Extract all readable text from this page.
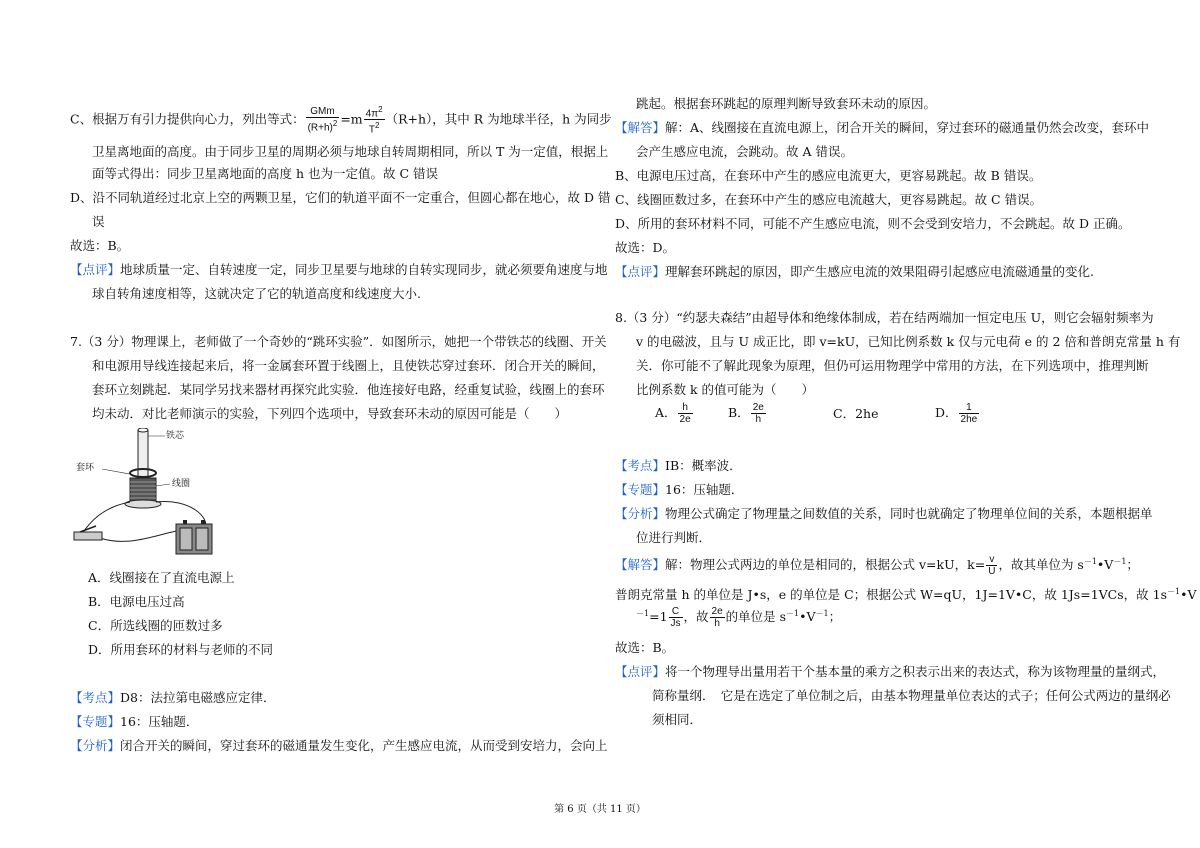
C、根据万有引力提供向心力，列出等式： $\frac{\text{GMm}}{(R+h)^2} =m \frac{4\pi^2}{T^2} (R+h)$，其中 R 为地球半径，h 为同步
卫星离地面的高度。由于同步卫星的周期必须与地球自转周期相同，所以 T 为一定值，根据上
面等式得出：同步卫星离地面的高度 h 也为一定值。故 C 错误
D、沿不同轨道经过北京上空的两颗卫星，它们的轨道平面不一定重合，但圆心都在地心，故 D 错
误
故选：B。
【点评】地球质量一定、自转速度一定，同步卫星要与地球的自转实现同步，就必须要角速度与地
球自转角速度相等，这就决定了它的轨道高度和线速度大小.
7.（3 分）物理课上，老师做了一个奇妙的“跳环实验”．如图所示，她把一个带铁芯的线圈、开关
和电源用导线连接起来后，将一金属套环置于线圈上，且使铁芯穿过套环．闭合开关的瞬间，
套环立刻跳起．某同学另找来器材再探究此实验．他连接好电路，经重复试验，线圈上的套环
均未动．对比老师演示的实验，下列四个选项中，导致套环未动的原因可能是（　　）
铁芯
套环
线圈
A．线圈接在了直流电源上
B．电源电压过高
C．所选线圈的匝数过多
D．所用套环的材料与老师的不同
【考点】D8：法拉第电磁感应定律．
【专题】16：压轴题．
【分析】闭合开关的瞬间，穿过套环的磁通量发生变化，产生感应电流，从而受到安培力，会向上
跳起。根据套环跳起的原理判断导致套环未动的原因。
【解答】解：A、线圈接在直流电源上，闭合开关的瞬间，穿过套环的磁通量仍然会改变，套环中
会产生感应电流，会跳动。故 A 错误。
B、电源电压过高，在套环中产生的感应电流更大，更容易跳起。故 B 错误。
C、线圈匝数过多，在套环中产生的感应电流越大，更容易跳起。故 C 错误。
D、所用的套环材料不同，可能不产生感应电流，则不会受到安培力，不会跳起。故 D 正确。
故选：D。
【点评】理解套环跳起的原因，即产生感应电流的效果阻碍引起感应电流磁通量的变化.
8.（3 分）“约瑟夫森结”由超导体和绝缘体制成，若在结两端加一恒定电压 U，则它会辐射频率为
v 的电磁波，且与 U 成正比，即 v=kU，已知比例系数 k 仅与元电荷 e 的 2 倍和普朗克常量 h 有
关．你可能不了解此现象为原理，但仍可运用物理学中常用的方法，在下列选项中，推理判断
比例系数 k 的值可能为（　　）
A． $\frac{h}{2e}$	B． $\frac{2e}{h}$	C．2he	D． $\frac{1}{2he}$
【考点】IB：概率波．
【专题】16：压轴题．
【分析】物理公式确定了物理量之间数值的关系，同时也就确定了物理单位间的关系，本题根据单
位进行判断．
【解答】解：物理公式两边的单位是相同的，根据公式 v=kU，$k= \frac{v}{U}$ ，故其单位为 $s^{-1}•V^{-1}$；
普朗克常量 h 的单位是 J•s，e 的单位是 C；根据公式 W=qU，1J=1V•C，故 1Js=1VCs，故 $1s^{-1}•V$
$^{-1}=1 \frac{C}{Js}$ ，故 $\frac{2e}{h}$ 的单位是 $s^{-1}•V^{-1}$；
故选：B。
【点评】将一个物理导出量用若干个基本量的乘方之积表示出来的表达式，称为该物理量的量纲式，
简称量纲．　它是在选定了单位制之后，由基本物理量单位表达的式子；任何公式两边的量纲必
须相同．
第 6 页（共 11 页）
